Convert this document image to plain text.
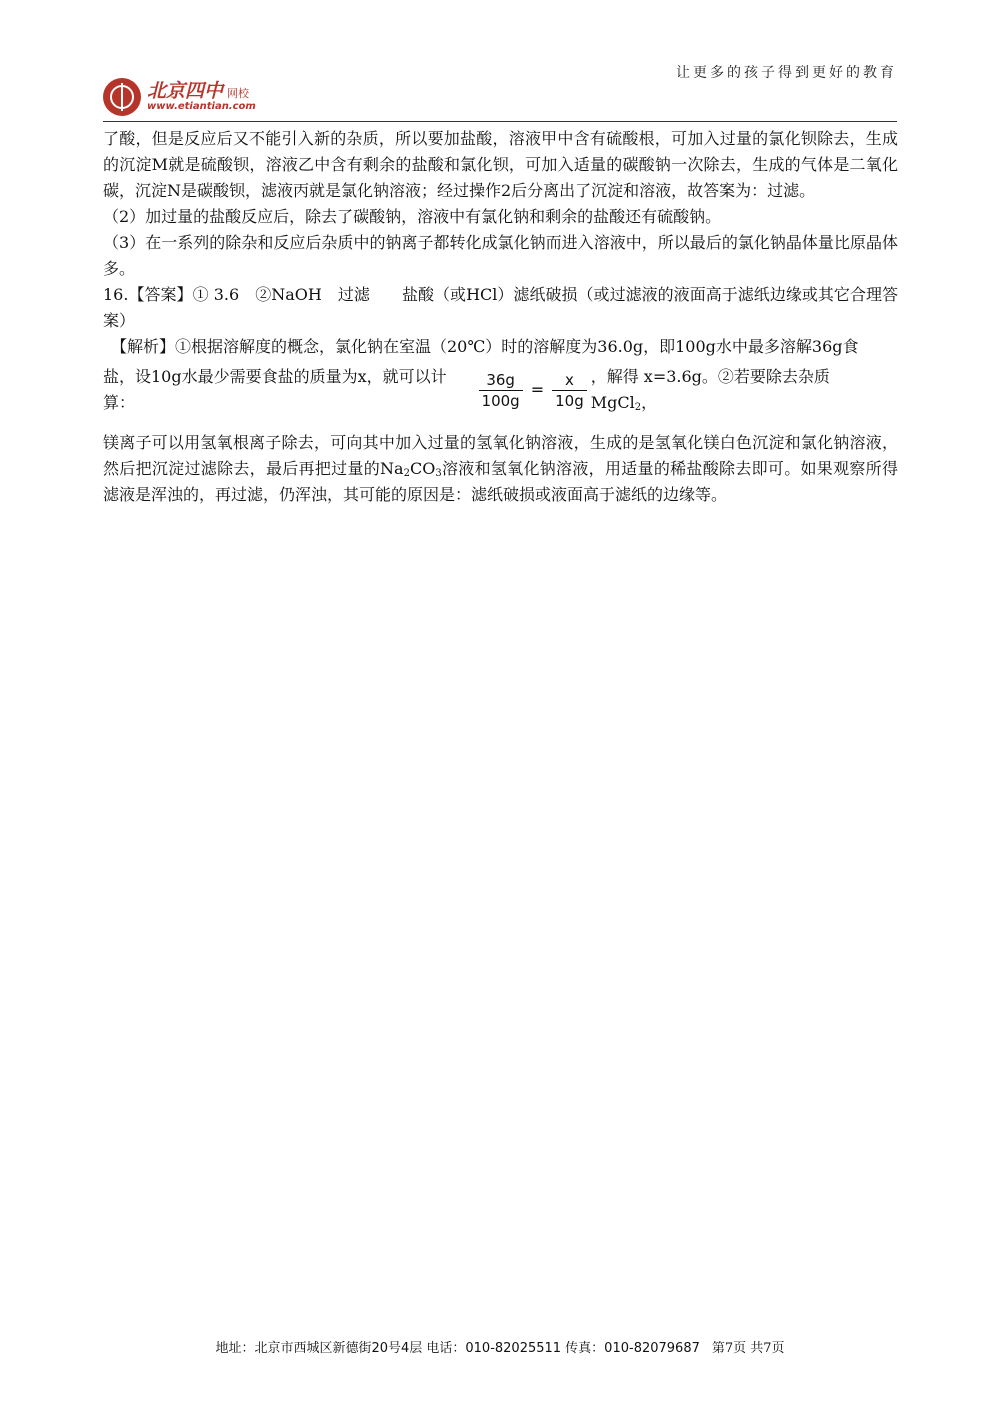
让更多的孩子得到更好的教育
北京四中 网校
www.etiantian.com

了酸，但是反应后又不能引入新的杂质，所以要加盐酸，溶液甲中含有硫酸根，可加入过量的氯化钡除去，生成的沉淀M就是硫酸钡，溶液乙中含有剩余的盐酸和氯化钡，可加入适量的碳酸钠一次除去，生成的气体是二氧化碳，沉淀N是碳酸钡，滤液丙就是氯化钠溶液；经过操作2后分离出了沉淀和溶液，故答案为：过滤。

（2）加过量的盐酸反应后，除去了碳酸钠，溶液中有氯化钠和剩余的盐酸还有硫酸钠。

（3）在一系列的除杂和反应后杂质中的钠离子都转化成氯化钠而进入溶液中，所以最后的氯化钠晶体量比原晶体多。

16.【答案】① 3.6　②NaOH　过滤　　盐酸（或HCl）滤纸破损（或过滤液的液面高于滤纸边缘或其它合理答案）

【解析】①根据溶解度的概念，氯化钠在室温（20℃）时的溶解度为36.0g，即100g水中最多溶解36g食

盐，设10g水最少需要食盐的质量为x，就可以计算：	$\frac{36g}{100g} = \frac{x}{10g}$ ，解得 x=3.6g。②若要除去杂质 MgCl$_2$，

镁离子可以用氢氧根离子除去，可向其中加入过量的氢氧化钠溶液，生成的是氢氧化镁白色沉淀和氯化钠溶液，然后把沉淀过滤除去，最后再把过量的$Na_2CO_3$溶液和氢氧化钠溶液，用适量的稀盐酸除去即可。如果观察所得滤液是浑浊的，再过滤，仍浑浊，其可能的原因是：滤纸破损或液面高于滤纸的边缘等。

地址：北京市西城区新德街20号4层 电话：010-82025511 传真：010-82079687 第7页 共7页
